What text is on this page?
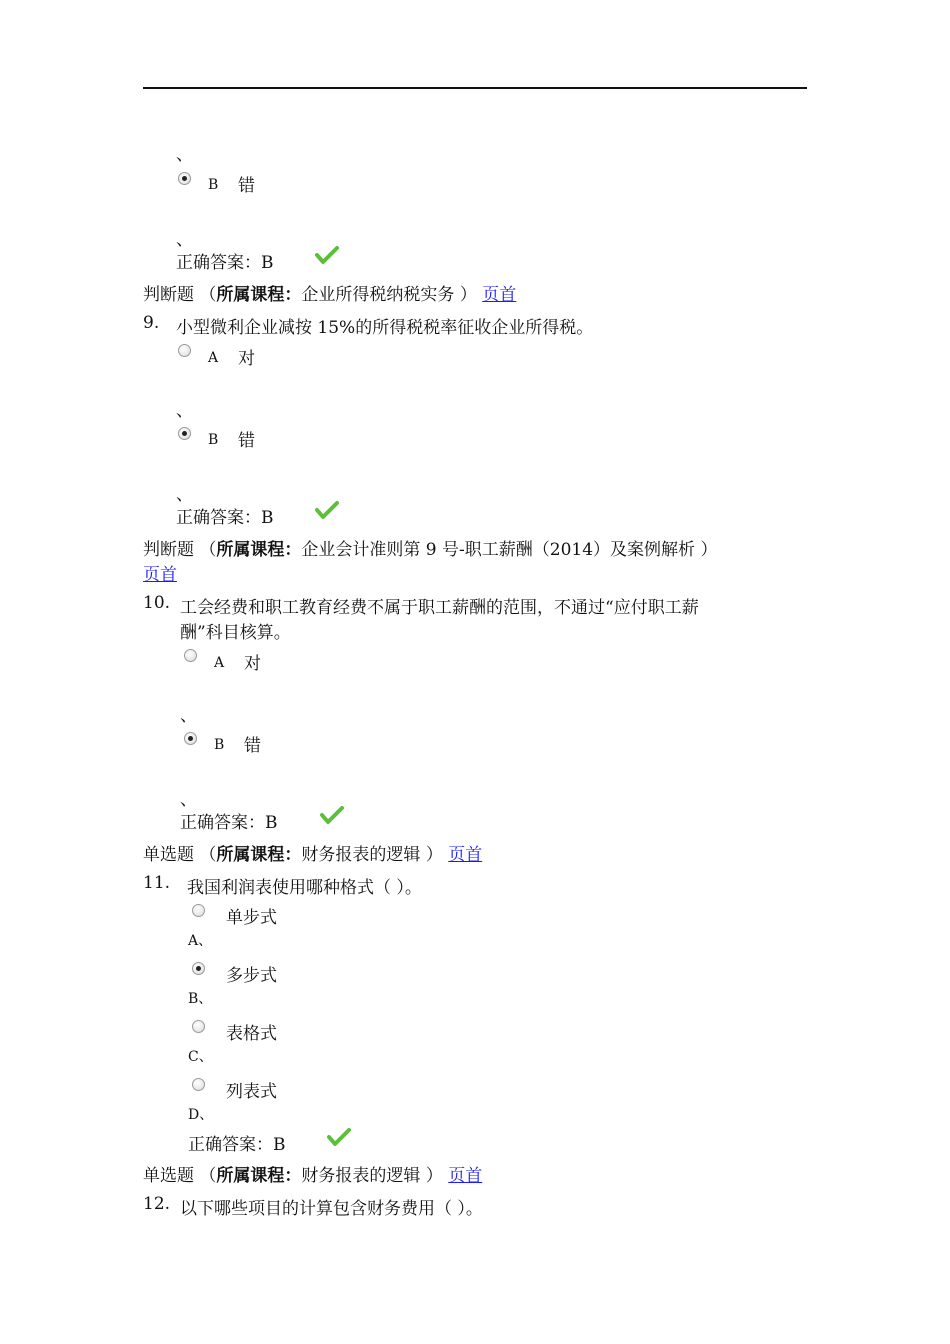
、
B 错
、
正确答案：B
判断题 （所属课程：企业所得税纳税实务 ） 页首
9. 小型微利企业减按 15%的所得税税率征收企业所得税。
A 对
、
B 错
、
正确答案：B
判断题 （所属课程：企业会计准则第 9 号-职工薪酬（2014）及案例解析 ）
页首
10. 工会经费和职工教育经费不属于职工薪酬的范围，不通过“应付职工薪
酬”科目核算。
A 对
、
B 错
、
正确答案：B
单选题 （所属课程：财务报表的逻辑 ） 页首
11. 我国利润表使用哪种格式（ ）。
单步式
A、
多步式
B、
表格式
C、
列表式
D、
正确答案：B
单选题 （所属课程：财务报表的逻辑 ） 页首
12. 以下哪些项目的计算包含财务费用（ ）。
